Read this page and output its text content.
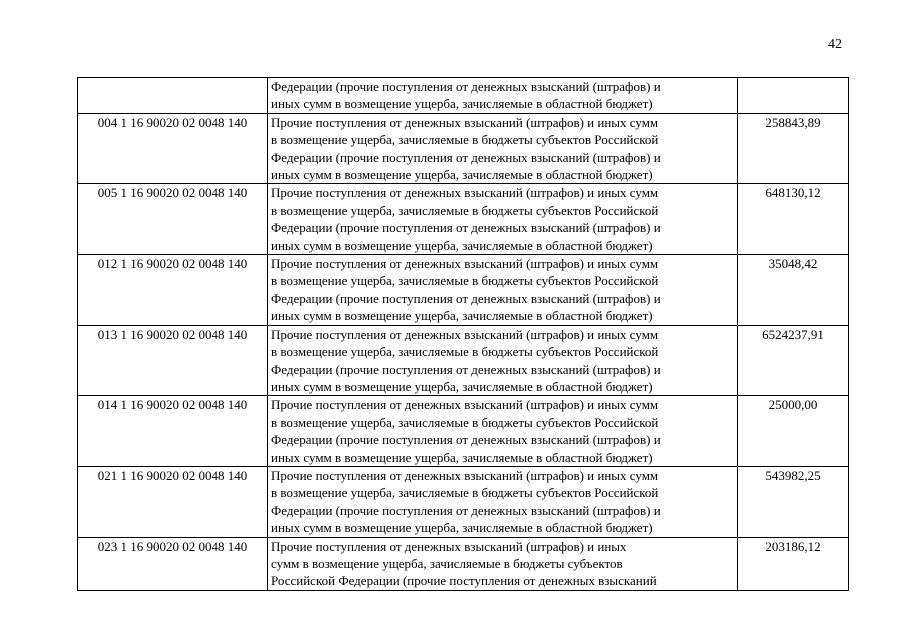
42

	Федерации (прочие поступления от денежных взысканий (штрафов) и
иных сумм в возмещение ущерба, зачисляемые в областной бюджет)	

004 1 16 90020 02 0048 140	Прочие поступления от денежных взысканий (штрафов) и иных сумм
в возмещение ущерба, зачисляемые в бюджеты субъектов Российской
Федерации (прочие поступления от денежных взысканий (штрафов) и
иных сумм в возмещение ущерба, зачисляемые в областной бюджет)	258843,89
005 1 16 90020 02 0048 140	Прочие поступления от денежных взысканий (штрафов) и иных сумм
в возмещение ущерба, зачисляемые в бюджеты субъектов Российской
Федерации (прочие поступления от денежных взысканий (штрафов) и
иных сумм в возмещение ущерба, зачисляемые в областной бюджет)	648130,12
012 1 16 90020 02 0048 140	Прочие поступления от денежных взысканий (штрафов) и иных сумм
в возмещение ущерба, зачисляемые в бюджеты субъектов Российской
Федерации (прочие поступления от денежных взысканий (штрафов) и
иных сумм в возмещение ущерба, зачисляемые в областной бюджет)	35048,42
013 1 16 90020 02 0048 140	Прочие поступления от денежных взысканий (штрафов) и иных сумм
в возмещение ущерба, зачисляемые в бюджеты субъектов Российской
Федерации (прочие поступления от денежных взысканий (штрафов) и
иных сумм в возмещение ущерба, зачисляемые в областной бюджет)	6524237,91
014 1 16 90020 02 0048 140	Прочие поступления от денежных взысканий (штрафов) и иных сумм
в возмещение ущерба, зачисляемые в бюджеты субъектов Российской
Федерации (прочие поступления от денежных взысканий (штрафов) и
иных сумм в возмещение ущерба, зачисляемые в областной бюджет)	25000,00
021 1 16 90020 02 0048 140	Прочие поступления от денежных взысканий (штрафов) и иных сумм
в возмещение ущерба, зачисляемые в бюджеты субъектов Российской
Федерации (прочие поступления от денежных взысканий (штрафов) и
иных сумм в возмещение ущерба, зачисляемые в областной бюджет)	543982,25
023 1 16 90020 02 0048 140	Прочие поступления от денежных взысканий (штрафов) и иных
сумм в возмещение ущерба, зачисляемые в бюджеты субъектов
Российской Федерации (прочие поступления от денежных взысканий	203186,12
